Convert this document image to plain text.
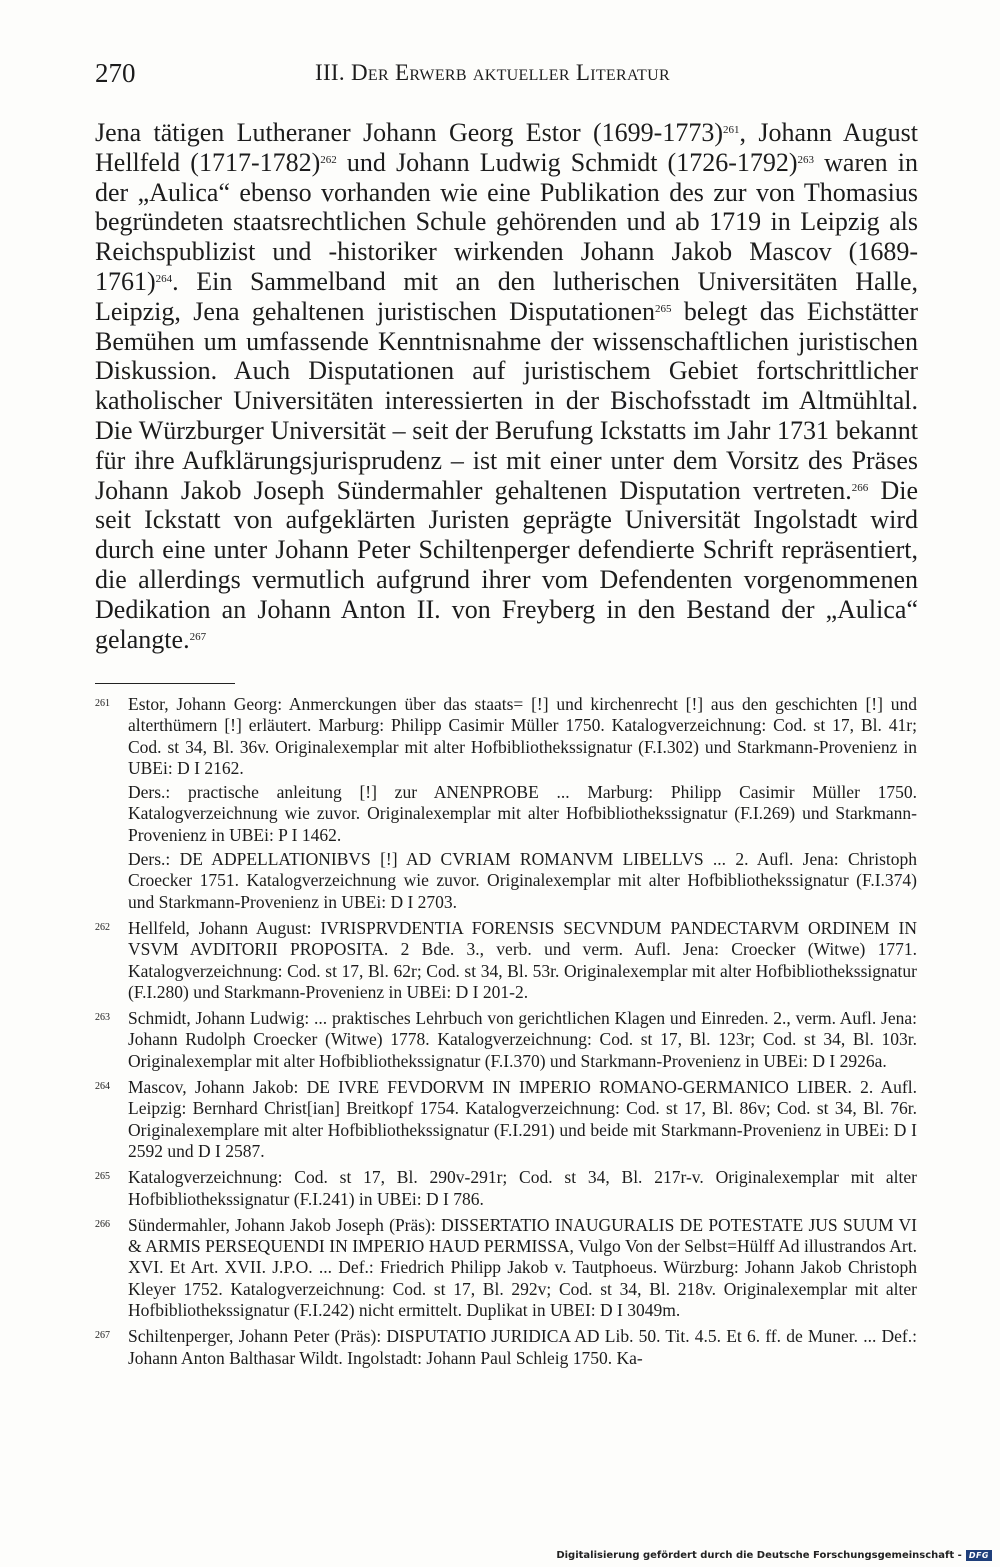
270	III. Der Erwerb aktueller Literatur

Jena tätigen Lutheraner Johann Georg Estor (1699-1773)$^{261}$, Johann August Hellfeld (1717-1782)$^{262}$ und Johann Ludwig Schmidt (1726-1792)$^{263}$ waren in der „Aulica“ ebenso vorhanden wie eine Publikation des zur von Thomasius begründeten staatsrechtlichen Schule gehörenden und ab 1719 in Leipzig als Reichspublizist und -historiker wirkenden Johann Jakob Mascov (1689-1761)$^{264}$. Ein Sammelband mit an den lutherischen Universitäten Halle, Leipzig, Jena gehaltenen juristischen Disputationen$^{265}$ belegt das Eichstätter Bemühen um umfassende Kenntnisnahme der wissenschaftlichen juristischen Diskussion. Auch Disputationen auf juristischem Gebiet fortschrittlicher katholischer Universitäten interessierten in der Bischofsstadt im Altmühltal. Die Würzburger Universität – seit der Berufung Ickstatts im Jahr 1731 bekannt für ihre Aufklärungsjurisprudenz – ist mit einer unter dem Vorsitz des Präses Johann Jakob Joseph Sündermahler gehaltenen Disputation vertreten.$^{266}$ Die seit Ickstatt von aufgeklärten Juristen geprägte Universität Ingolstadt wird durch eine unter Johann Peter Schiltenperger defendierte Schrift repräsentiert, die allerdings vermutlich aufgrund ihrer vom Defendenten vorgenommenen Dedikation an Johann Anton II. von Freyberg in den Bestand der „Aulica“ gelangte.$^{267}$

261 Estor, Johann Georg: Anmerckungen über das staats= [!] und kirchenrecht [!] aus den geschichten [!] und alterthümern [!] erläutert. Marburg: Philipp Casimir Müller 1750. Katalogverzeichnung: Cod. st 17, Bl. 41r; Cod. st 34, Bl. 36v. Originalexemplar mit alter Hofbibliothekssignatur (F.I.302) und Starkmann-Provenienz in UBEi: D I 2162.

Ders.: practische anleitung [!] zur ANENPROBE ... Marburg: Philipp Casimir Müller 1750. Katalogverzeichnung wie zuvor. Originalexemplar mit alter Hofbibliothekssignatur (F.I.269) und Starkmann-Provenienz in UBEi: P I 1462.

Ders.: DE ADPELLATIONIBVS [!] AD CVRIAM ROMANVM LIBELLVS ... 2. Aufl. Jena: Christoph Croecker 1751. Katalogverzeichnung wie zuvor. Originalexemplar mit alter Hofbibliothekssignatur (F.I.374) und Starkmann-Provenienz in UBEi: D I 2703.

262 Hellfeld, Johann August: IVRISPRVDENTIA FORENSIS SECVNDUM PANDECTARVM ORDINEM IN VSVM AVDITORII PROPOSITA. 2 Bde. 3., verb. und verm. Aufl. Jena: Croecker (Witwe) 1771. Katalogverzeichnung: Cod. st 17, Bl. 62r; Cod. st 34, Bl. 53r. Originalexemplar mit alter Hofbibliothekssignatur (F.I.280) und Starkmann-Provenienz in UBEi: D I 201-2.

263 Schmidt, Johann Ludwig: ... praktisches Lehrbuch von gerichtlichen Klagen und Einreden. 2., verm. Aufl. Jena: Johann Rudolph Croecker (Witwe) 1778. Katalogverzeichnung: Cod. st 17, Bl. 123r; Cod. st 34, Bl. 103r. Originalexemplar mit alter Hofbibliothekssignatur (F.I.370) und Starkmann-Provenienz in UBEi: D I 2926a.

264 Mascov, Johann Jakob: DE IVRE FEVDORVM IN IMPERIO ROMANO-GERMANICO LIBER. 2. Aufl. Leipzig: Bernhard Christ[ian] Breitkopf 1754. Katalogverzeichnung: Cod. st 17, Bl. 86v; Cod. st 34, Bl. 76r. Originalexemplare mit alter Hofbibliothekssignatur (F.I.291) und beide mit Starkmann-Provenienz in UBEi: D I 2592 und D I 2587.

265 Katalogverzeichnung: Cod. st 17, Bl. 290v-291r; Cod. st 34, Bl. 217r-v. Originalexemplar mit alter Hofbibliothekssignatur (F.I.241) in UBEi: D I 786.

266 Sündermahler, Johann Jakob Joseph (Präs): DISSERTATIO INAUGURALIS DE POTESTATE JUS SUUM VI & ARMIS PERSEQUENDI IN IMPERIO HAUD PERMISSA, Vulgo Von der Selbst=Hülff Ad illustrandos Art. XVI. Et Art. XVII. J.P.O. ... Def.: Friedrich Philipp Jakob v. Tautphoeus. Würzburg: Johann Jakob Christoph Kleyer 1752. Katalogverzeichnung: Cod. st 17, Bl. 292v; Cod. st 34, Bl. 218v. Originalexemplar mit alter Hofbibliothekssignatur (F.I.242) nicht ermittelt. Duplikat in UBEI: D I 3049m.

267 Schiltenperger, Johann Peter (Präs): DISPUTATIO JURIDICA AD Lib. 50. Tit. 4.5. Et 6. ff. de Muner. ... Def.: Johann Anton Balthasar Wildt. Ingolstadt: Johann Paul Schleig 1750. Ka-

Digitalisierung gefördert durch die Deutsche Forschungsgemeinschaft - DFG
